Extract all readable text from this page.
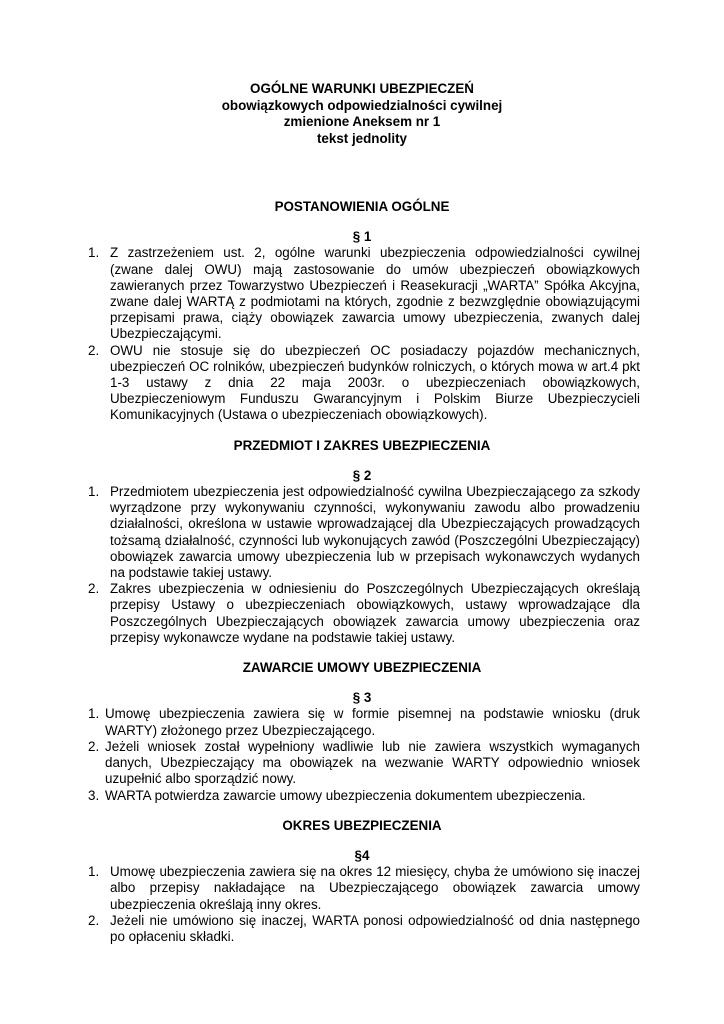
OGÓLNE WARUNKI UBEZPIECZEŃ
obowiązkowych odpowiedzialności cywilnej
zmienione Aneksem nr 1
tekst jednolity
POSTANOWIENIA OGÓLNE
§ 1
1. Z zastrzeżeniem ust. 2, ogólne warunki ubezpieczenia odpowiedzialności cywilnej (zwane dalej OWU) mają zastosowanie do umów ubezpieczeń obowiązkowych zawieranych przez Towarzystwo Ubezpieczeń i Reasekuracji „WARTA” Spółka Akcyjna, zwane dalej WARTĄ z podmiotami na których, zgodnie z bezwzględnie obowiązującymi przepisami prawa, ciąży obowiązek zawarcia umowy ubezpieczenia, zwanych dalej Ubezpieczającymi.
2. OWU nie stosuje się do ubezpieczeń OC posiadaczy pojazdów mechanicznych, ubezpieczeń OC rolników, ubezpieczeń budynków rolniczych, o których mowa w art.4 pkt 1-3 ustawy z dnia 22 maja 2003r. o ubezpieczeniach obowiązkowych, Ubezpieczeniowym Funduszu Gwarancyjnym i Polskim Biurze Ubezpieczycieli Komunikacyjnych (Ustawa o ubezpieczeniach obowiązkowych).
PRZEDMIOT I ZAKRES UBEZPIECZENIA
§ 2
1. Przedmiotem ubezpieczenia jest odpowiedzialność cywilna Ubezpieczającego za szkody wyrządzone przy wykonywaniu czynności, wykonywaniu zawodu albo prowadzeniu działalności, określona w ustawie wprowadzającej dla Ubezpieczających prowadzących tożsamą działalność, czynności lub wykonujących zawód (Poszczególni Ubezpieczający) obowiązek zawarcia umowy ubezpieczenia lub w przepisach wykonawczych wydanych na podstawie takiej ustawy.
2. Zakres ubezpieczenia w odniesieniu do Poszczególnych Ubezpieczających określają przepisy Ustawy o ubezpieczeniach obowiązkowych, ustawy wprowadzające dla Poszczególnych Ubezpieczających obowiązek zawarcia umowy ubezpieczenia oraz przepisy wykonawcze wydane na podstawie takiej ustawy.
ZAWARCIE UMOWY UBEZPIECZENIA
§ 3
1. Umowę ubezpieczenia zawiera się w formie pisemnej na podstawie wniosku (druk WARTY) złożonego przez Ubezpieczającego.
2. Jeżeli wniosek został wypełniony wadliwie lub nie zawiera wszystkich wymaganych danych, Ubezpieczający ma obowiązek na wezwanie WARTY odpowiednio wniosek uzupełnić albo sporządzić nowy.
3. WARTA potwierdza zawarcie umowy ubezpieczenia dokumentem ubezpieczenia.
OKRES UBEZPIECZENIA
§4
1. Umowę ubezpieczenia zawiera się na okres 12 miesięcy, chyba że umówiono się inaczej albo przepisy nakładające na Ubezpieczającego obowiązek zawarcia umowy ubezpieczenia określają inny okres.
2. Jeżeli nie umówiono się inaczej, WARTA ponosi odpowiedzialność od dnia następnego po opłaceniu składki.
